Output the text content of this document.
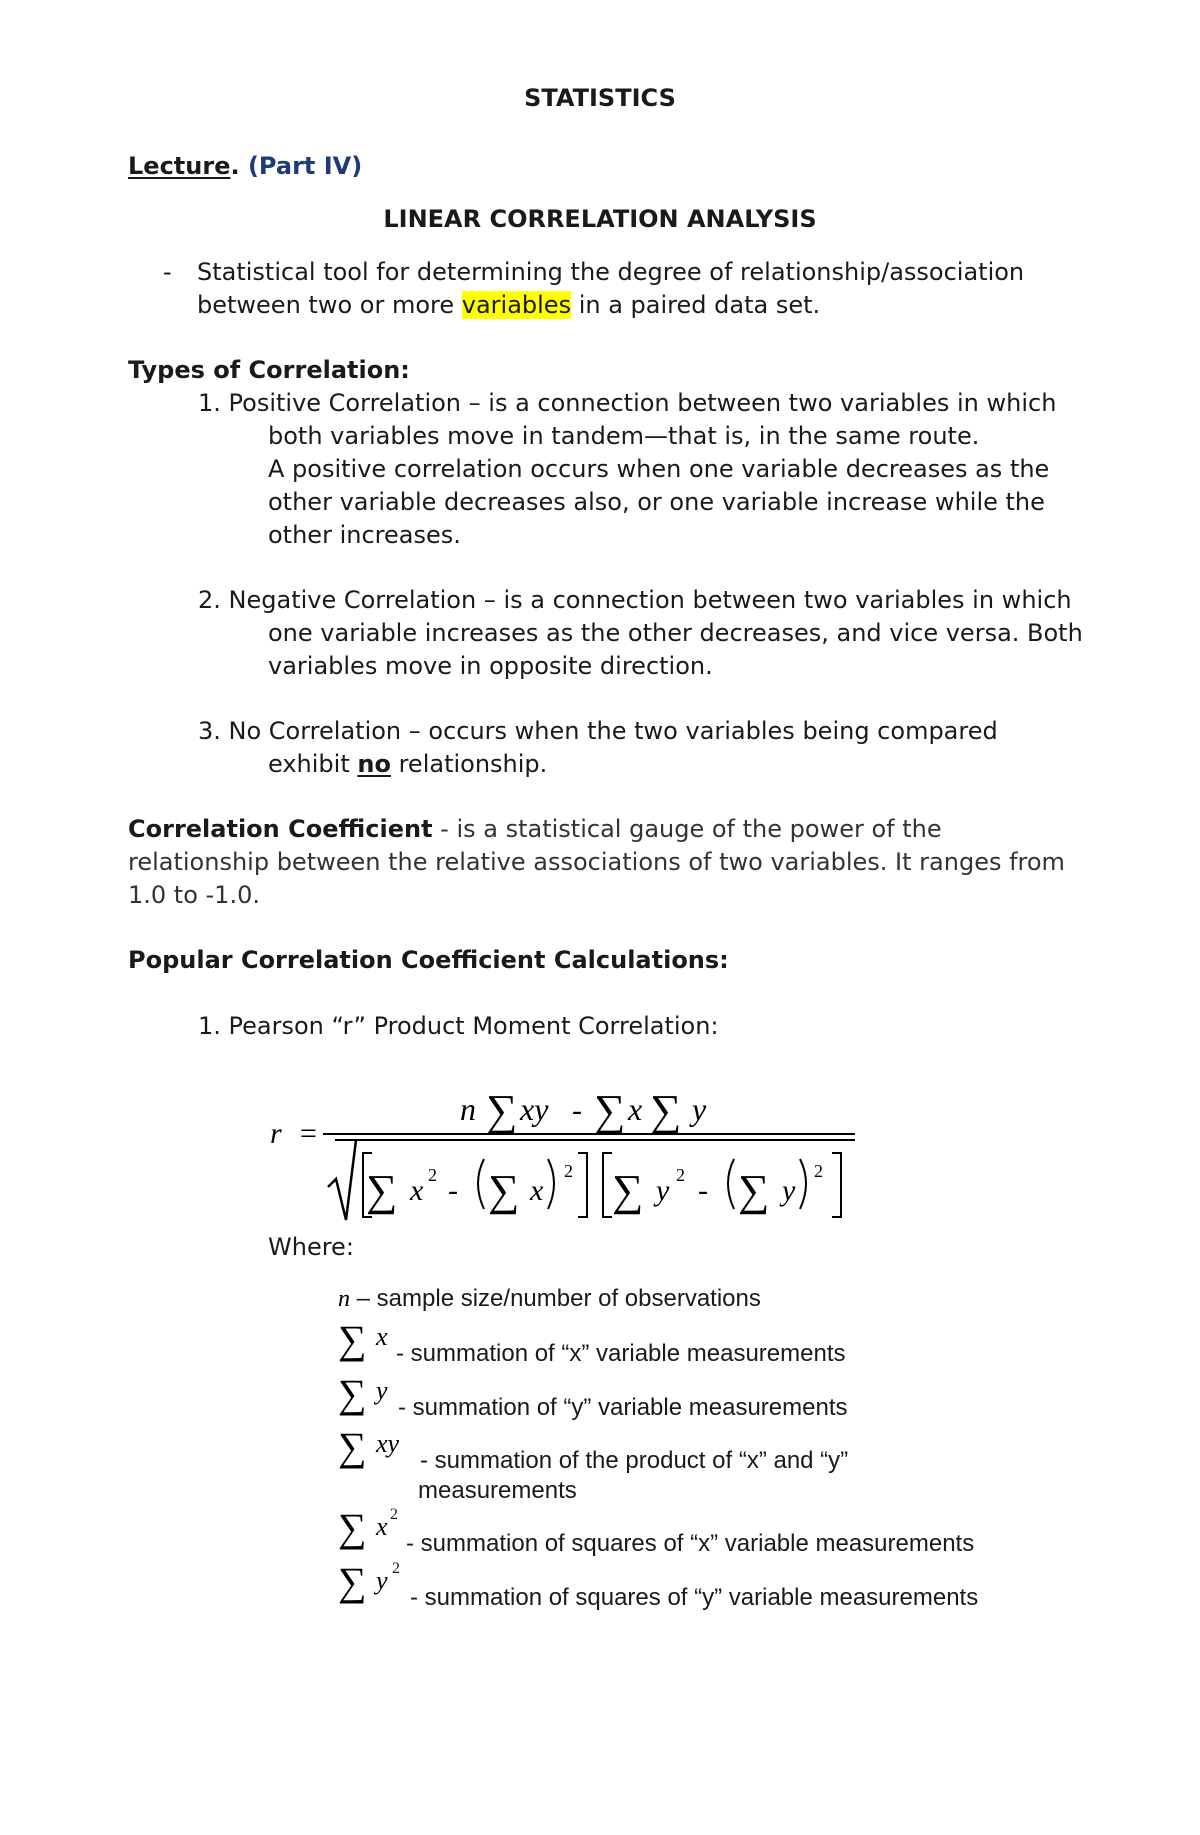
STATISTICS
Lecture. (Part IV)
LINEAR CORRELATION ANALYSIS
- Statistical tool for determining the degree of relationship/association
between two or more variables in a paired data set.
Types of Correlation:
1. Positive Correlation – is a connection between two variables in which
both variables move in tandem—that is, in the same route.
A positive correlation occurs when one variable decreases as the
other variable decreases also, or one variable increase while the
other increases.
2. Negative Correlation – is a connection between two variables in which
one variable increases as the other decreases, and vice versa. Both
variables move in opposite direction.
3. No Correlation – occurs when the two variables being compared
exhibit no relationship.
Correlation Coefficient - is a statistical gauge of the power of the
relationship between the relative associations of two variables. It ranges from
1.0 to -1.0.
Popular Correlation Coefficient Calculations:
1. Pearson “r” Product Moment Correlation:
r =
n ∑ xy - ∑ x ∑ y
∑ x 2 - ∑ x
2 ∑ y 2 - ∑ y
2
Where:
n – sample size/number of observations
∑ x
- summation of “x” variable measurements
∑ y
- summation of “y” variable measurements
∑ xy
- summation of the product of “x” and “y”
measurements
∑ x 2
- summation of squares of “x” variable measurements
∑ y 2
- summation of squares of “y” variable measurements
